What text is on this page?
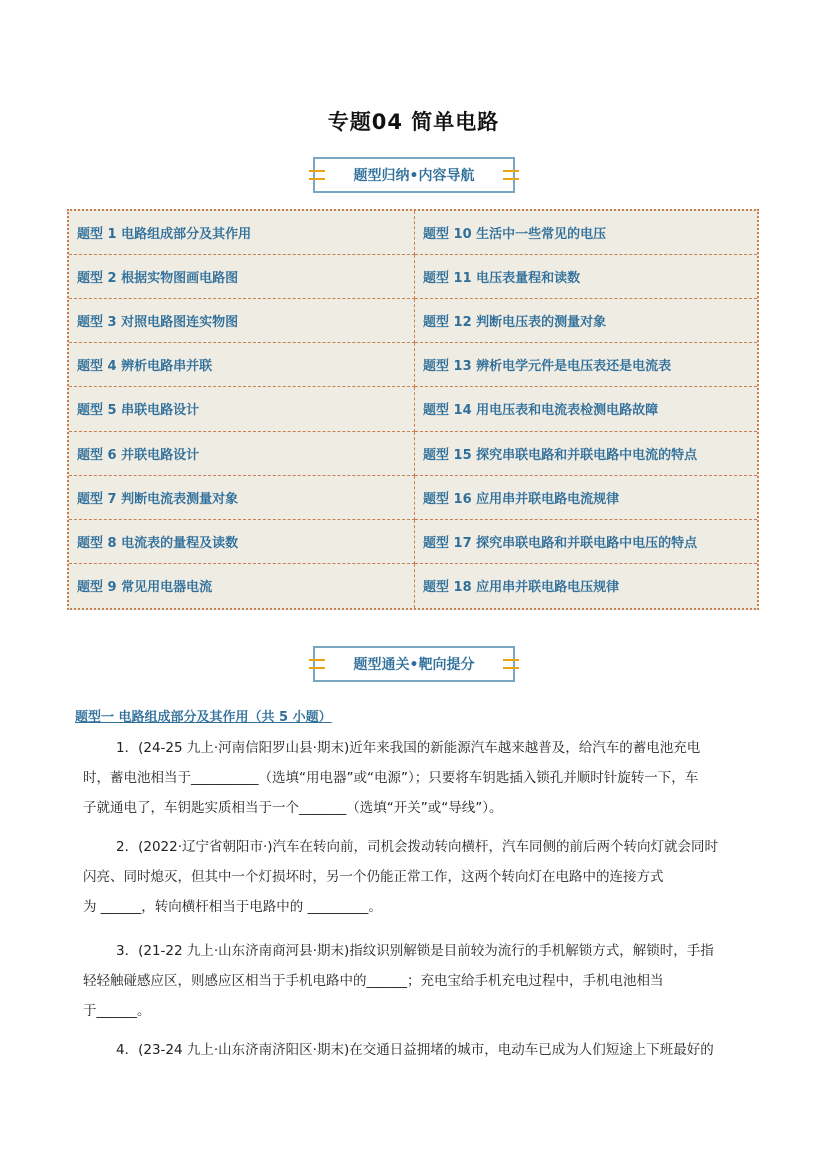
专题04 简单电路
题型归纳•内容导航
题型 1 电路组成部分及其作用	题型 10 生活中一些常见的电压
题型 2 根据实物图画电路图	题型 11 电压表量程和读数
题型 3 对照电路图连实物图	题型 12 判断电压表的测量对象
题型 4 辨析电路串并联	题型 13 辨析电学元件是电压表还是电流表
题型 5 串联电路设计	题型 14 用电压表和电流表检测电路故障
题型 6 并联电路设计	题型 15 探究串联电路和并联电路中电流的特点
题型 7 判断电流表测量对象	题型 16 应用串并联电路电流规律
题型 8 电流表的量程及读数	题型 17 探究串联电路和并联电路中电压的特点
题型 9 常见用电器电流	题型 18 应用串并联电路电压规律
题型通关•靶向提分
题型一 电路组成部分及其作用（共 5 小题）

1．(24-25 九上·河南信阳罗山县·期末)近年来我国的新能源汽车越来越普及，给汽车的蓄电池充电

时，蓄电池相当于__________（选填“用电器”或“电源”）；只要将车钥匙插入锁孔并顺时针旋转一下，车

子就通电了，车钥匙实质相当于一个_______（选填“开关”或“导线”）。

2．(2022·辽宁省朝阳市·)汽车在转向前，司机会拨动转向横杆，汽车同侧的前后两个转向灯就会同时

闪亮、同时熄灭，但其中一个灯损坏时，另一个仍能正常工作，这两个转向灯在电路中的连接方式

为 ______，转向横杆相当于电路中的 _________。

3．(21-22 九上·山东济南商河县·期末)指纹识别解锁是目前较为流行的手机解锁方式，解锁时，手指

轻轻触碰感应区，则感应区相当于手机电路中的______；充电宝给手机充电过程中，手机电池相当

于______。

4．(23-24 九上·山东济南济阳区·期末)在交通日益拥堵的城市，电动车已成为人们短途上下班最好的
